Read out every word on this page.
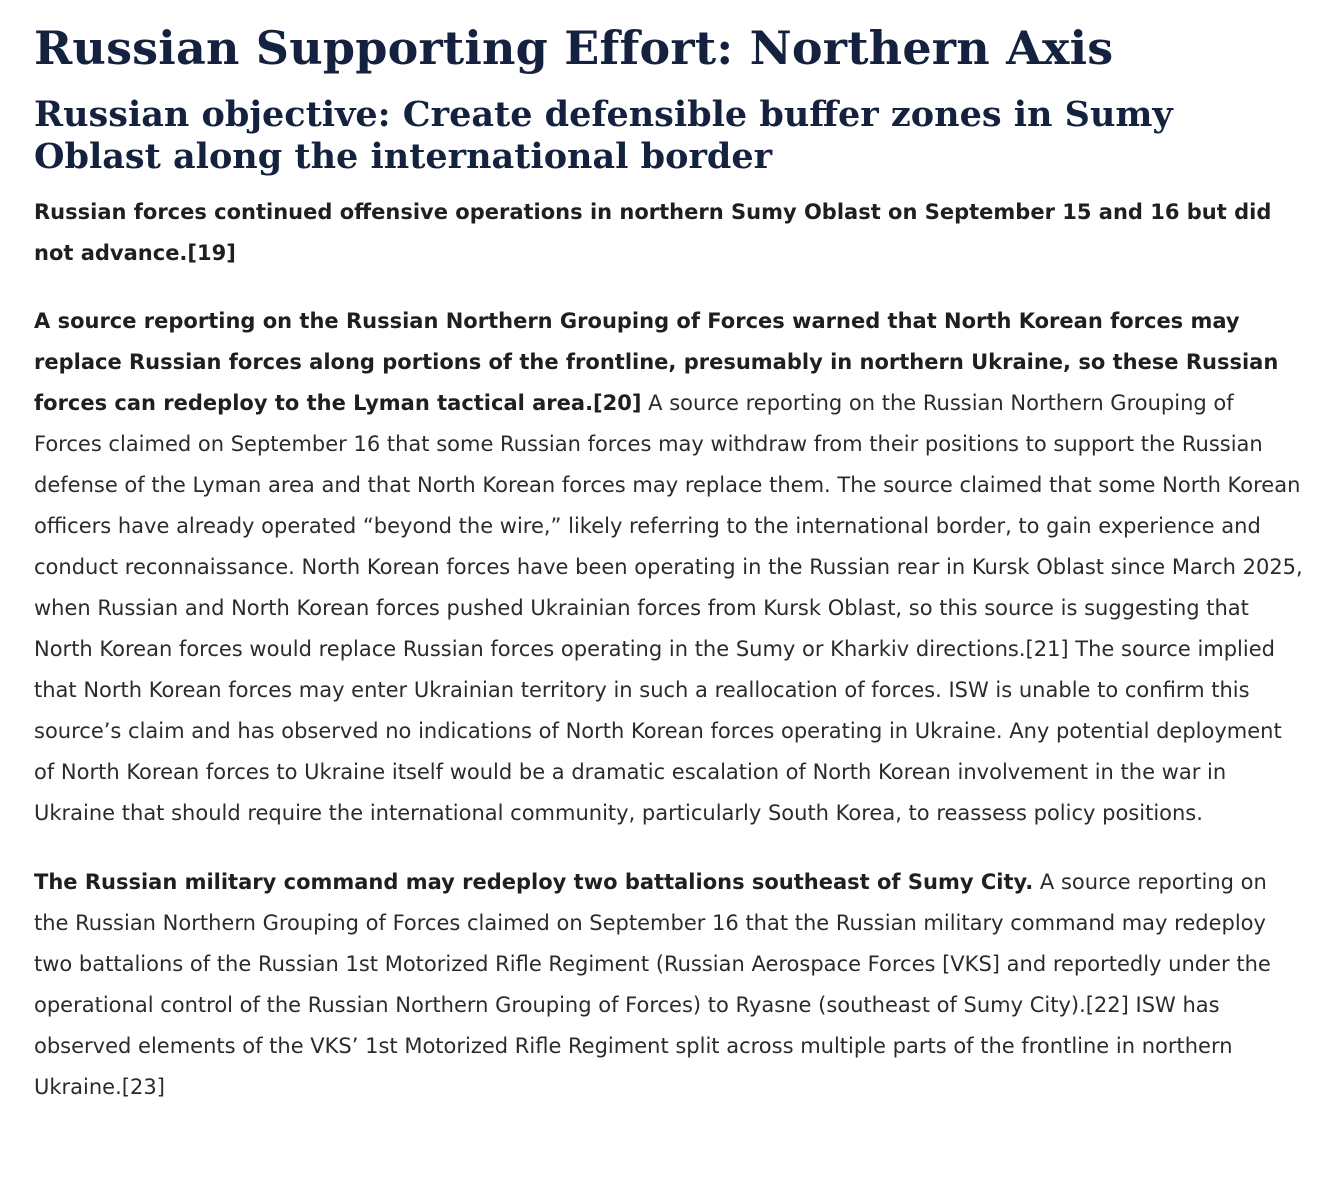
Russian Supporting Effort: Northern Axis
Russian objective: Create defensible buffer zones in Sumy Oblast along the international border

Russian forces continued offensive operations in northern Sumy Oblast on September 15 and 16 but did not advance.[19]

A source reporting on the Russian Northern Grouping of Forces warned that North Korean forces may replace Russian forces along portions of the frontline, presumably in northern Ukraine, so these Russian forces can redeploy to the Lyman tactical area.[20] A source reporting on the Russian Northern Grouping of Forces claimed on September 16 that some Russian forces may withdraw from their positions to support the Russian defense of the Lyman area and that North Korean forces may replace them. The source claimed that some North Korean officers have already operated “beyond the wire,” likely referring to the international border, to gain experience and conduct reconnaissance. North Korean forces have been operating in the Russian rear in Kursk Oblast since March 2025, when Russian and North Korean forces pushed Ukrainian forces from Kursk Oblast, so this source is suggesting that North Korean forces would replace Russian forces operating in the Sumy or Kharkiv directions.[21] The source implied that North Korean forces may enter Ukrainian territory in such a reallocation of forces. ISW is unable to confirm this source’s claim and has observed no indications of North Korean forces operating in Ukraine. Any potential deployment of North Korean forces to Ukraine itself would be a dramatic escalation of North Korean involvement in the war in Ukraine that should require the international community, particularly South Korea, to reassess policy positions.

The Russian military command may redeploy two battalions southeast of Sumy City. A source reporting on the Russian Northern Grouping of Forces claimed on September 16 that the Russian military command may redeploy two battalions of the Russian 1st Motorized Rifle Regiment (Russian Aerospace Forces [VKS] and reportedly under the operational control of the Russian Northern Grouping of Forces) to Ryasne (southeast of Sumy City).[22] ISW has observed elements of the VKS’ 1st Motorized Rifle Regiment split across multiple parts of the frontline in northern Ukraine.[23]
